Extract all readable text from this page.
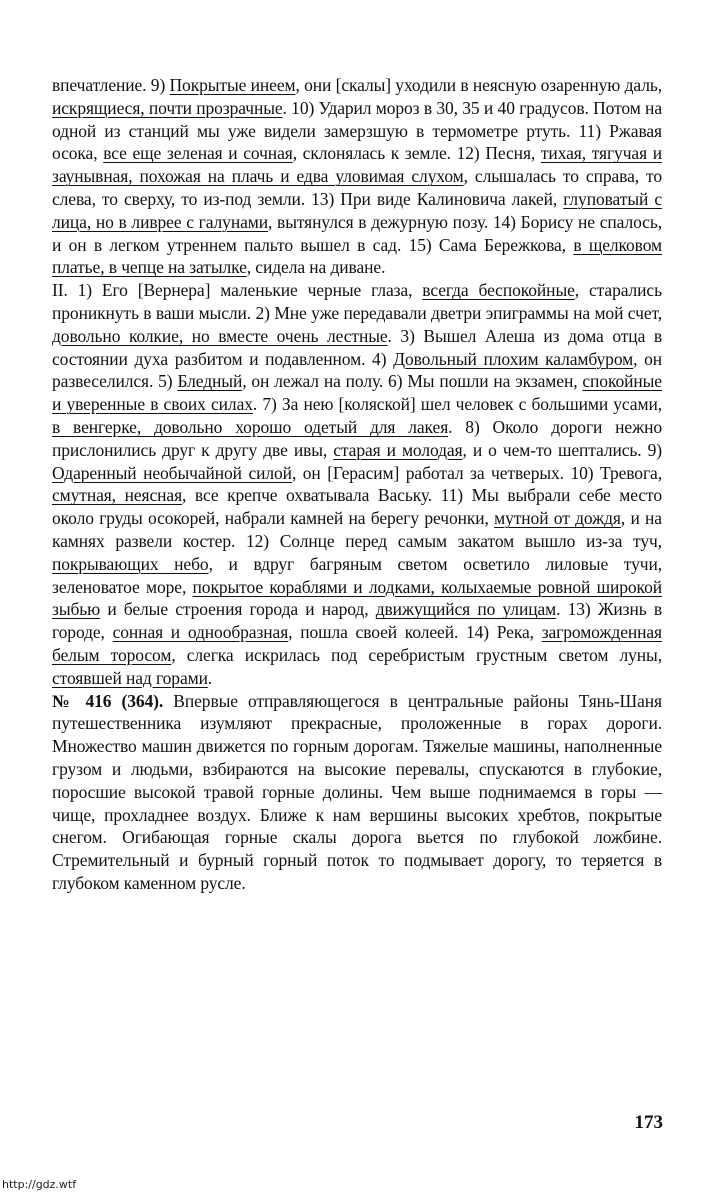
впечатление. 9) Покрытые инеем, они [скалы] уходили в неясную озаренную даль, искрящиеся, почти прозрачные. 10) Ударил мороз в 30, 35 и 40 градусов. Потом на одной из станций мы уже видели замерзшую в термометре ртуть. 11) Ржавая осока, все еще зеленая и сочная, склонялась к земле. 12) Песня, тихая, тягучая и заунывная, похожая на плачь и едва уловимая слухом, слышалась то справа, то слева, то сверху, то из-под земли. 13) При виде Калиновича лакей, глуповатый с лица, но в ливрее с галунами, вытянулся в дежурную позу. 14) Борису не спалось, и он в легком утреннем пальто вышел в сад. 15) Сама Бережкова, в щелковом платье, в чепце на затылке, сидела на диване.

II. 1) Его [Вернера] маленькие черные глаза, всегда беспокойные, старались проникнуть в ваши мысли. 2) Мне уже передавали дветри эпиграммы на мой счет, довольно колкие, но вместе очень лестные. 3) Вышел Алеша из дома отца в состоянии духа разбитом и подавленном. 4) Довольный плохим каламбуром, он развеселился. 5) Бледный, он лежал на полу. 6) Мы пошли на экзамен, спокойные и уверенные в своих силах. 7) За нею [коляской] шел человек с большими усами, в венгерке, довольно хорошо одетый для лакея. 8) Около дороги нежно прислонились друг к другу две ивы, старая и молодая, и о чем-то шептались. 9) Одаренный необычайной силой, он [Герасим] работал за четверых. 10) Тревога, смутная, неясная, все крепче охватывала Ваську. 11) Мы выбрали себе место около груды осокорей, набрали камней на берегу речонки, мутной от дождя, и на камнях развели костер. 12) Солнце перед самым закатом вышло из-за туч, покрывающих небо, и вдруг багряным светом осветило лиловые тучи, зеленоватое море, покрытое кораблями и лодками, колыхаемые ровной широкой зыбью и белые строения города и народ, движущийся по улицам. 13) Жизнь в городе, сонная и однообразная, пошла своей колеей. 14) Река, загроможденная белым торосом, слегка искрилась под серебристым грустным светом луны, стоявшей над горами.

№ 416 (364). Впервые отправляющегося в центральные районы Тянь-Шаня путешественника изумляют прекрасные, проложенные в горах дороги. Множество машин движется по горным дорогам. Тяжелые машины, наполненные грузом и людьми, взбираются на высокие перевалы, спускаются в глубокие, поросшие высокой травой горные долины. Чем выше поднимаемся в горы — чище, прохладнее воздух. Ближе к нам вершины высоких хребтов, покрытые снегом. Огибающая горные скалы дорога вьется по глубокой ложбине. Стремительный и бурный горный поток то подмывает дорогу, то теряется в глубоком каменном русле.

173
http://gdz.wtf
